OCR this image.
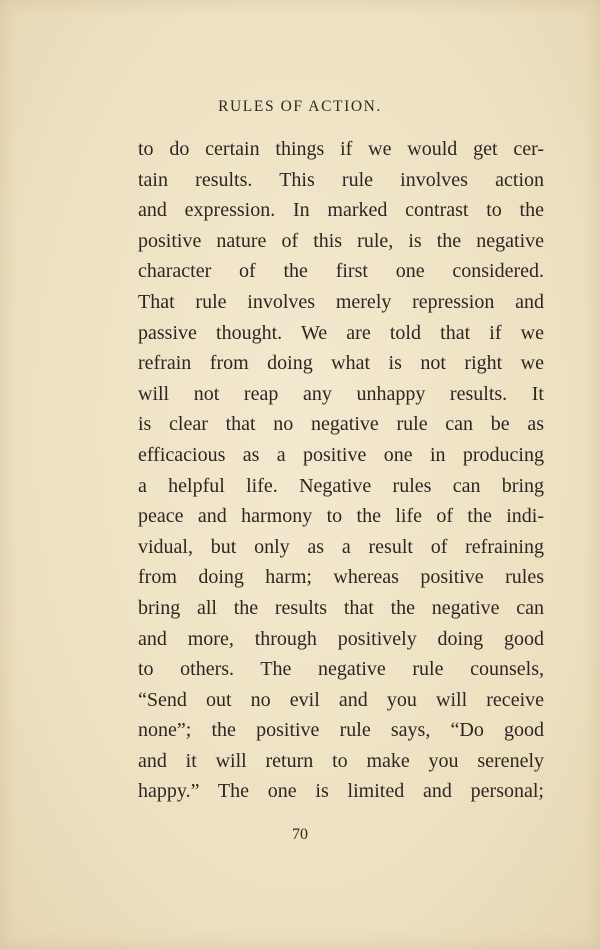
RULES OF ACTION.
to do certain things if we would get cer-
tain results. This rule involves action
and expression. In marked contrast to the
positive nature of this rule, is the negative
character of the first one considered.
That rule involves merely repression and
passive thought. We are told that if we
refrain from doing what is not right we
will not reap any unhappy results. It
is clear that no negative rule can be as
efficacious as a positive one in producing
a helpful life. Negative rules can bring
peace and harmony to the life of the indi-
vidual, but only as a result of refraining
from doing harm; whereas positive rules
bring all the results that the negative can
and more, through positively doing good
to others. The negative rule counsels,
“Send out no evil and you will receive
none”; the positive rule says, “Do good
and it will return to make you serenely
happy.” The one is limited and personal;
70
